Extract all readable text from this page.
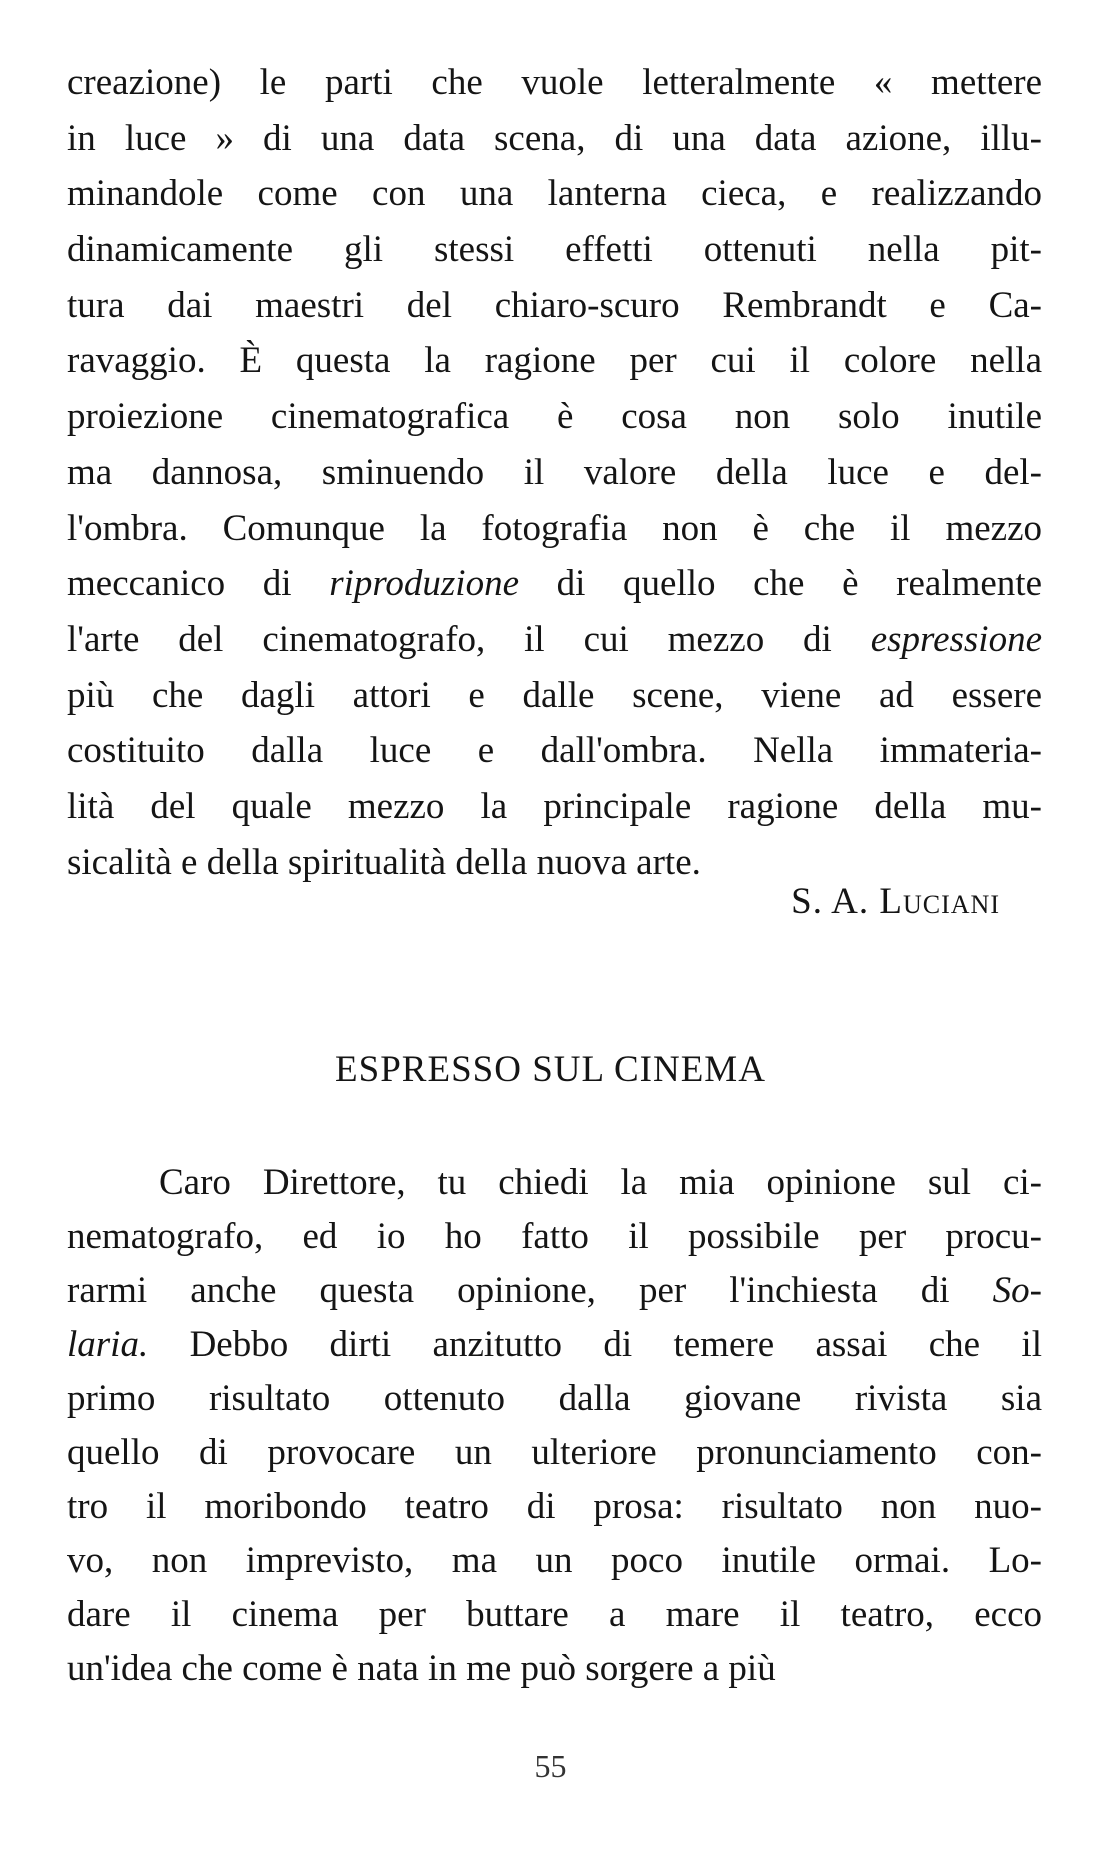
creazione) le parti che vuole letteralmente « mettere
in luce » di una data scena, di una data azione, illu-
minandole come con una lanterna cieca, e realizzando
dinamicamente gli stessi effetti ottenuti nella pit-
tura dai maestri del chiaro-scuro Rembrandt e Ca-
ravaggio. È questa la ragione per cui il colore nella
proiezione cinematografica è cosa non solo inutile
ma dannosa, sminuendo il valore della luce e del-
l'ombra. Comunque la fotografia non è che il mezzo
meccanico di riproduzione di quello che è realmente
l'arte del cinematografo, il cui mezzo di espressione
più che dagli attori e dalle scene, viene ad essere
costituito dalla luce e dall'ombra. Nella immateria-
lità del quale mezzo la principale ragione della mu-
sicalità e della spiritualità della nuova arte.
S. A. Luciani
ESPRESSO SUL CINEMA
Caro Direttore, tu chiedi la mia opinione sul ci-
nematografo, ed io ho fatto il possibile per procu-
rarmi anche questa opinione, per l'inchiesta di So-
laria. Debbo dirti anzitutto di temere assai che il
primo risultato ottenuto dalla giovane rivista sia
quello di provocare un ulteriore pronunciamento con-
tro il moribondo teatro di prosa: risultato non nuo-
vo, non imprevisto, ma un poco inutile ormai. Lo-
dare il cinema per buttare a mare il teatro, ecco
un'idea che come è nata in me può sorgere a più
55
